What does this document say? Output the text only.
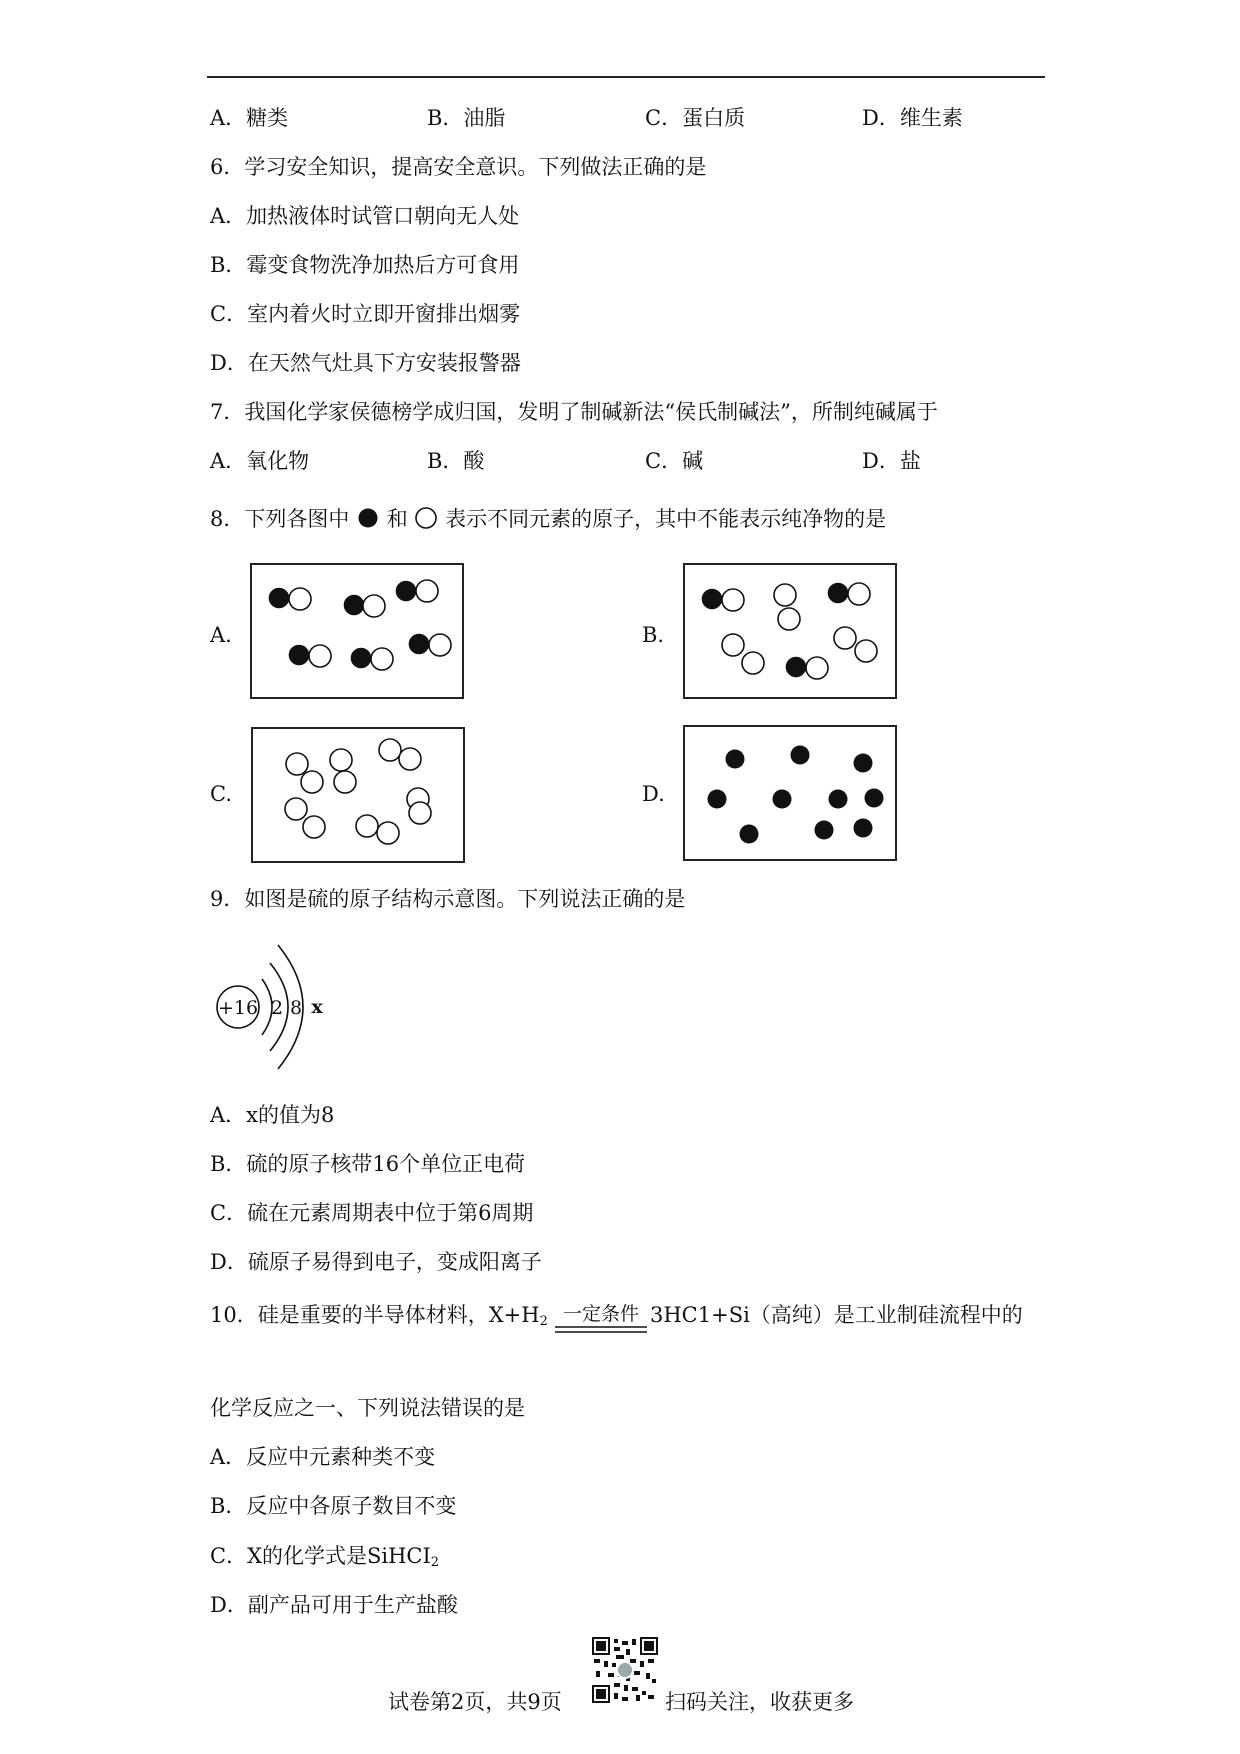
A．糖类	B．油脂	C．蛋白质	D．维生素
6．学习安全知识，提高安全意识。下列做法正确的是
A．加热液体时试管口朝向无人处
B．霉变食物洗净加热后方可食用
C．室内着火时立即开窗排出烟雾
D．在天然气灶具下方安装报警器
7．我国化学家侯德榜学成归国，发明了制碱新法“侯氏制碱法”，所制纯碱属于
A．氧化物	B．酸	C．碱	D．盐
8．下列各图中 和 表示不同元素的原子，其中不能表示纯净物的是
A.	B.
C.	D.
9．如图是硫的原子结构示意图。下列说法正确的是
+16 2 8 x
A．x的值为8
B．硫的原子核带16个单位正电荷
C．硫在元素周期表中位于第6周期
D．硫原子易得到电子，变成阳离子
10．硅是重要的半导体材料，$X+H_2$ 一定条件 3HC1+Si（高纯）是工业制硅流程中的
化学反应之一、下列说法错误的是
A．反应中元素种类不变
B．反应中各原子数目不变
C．X的化学式是SiHCI$_2$
D．副产品可用于生产盐酸
试卷第2页，共9页	扫码关注，收获更多
